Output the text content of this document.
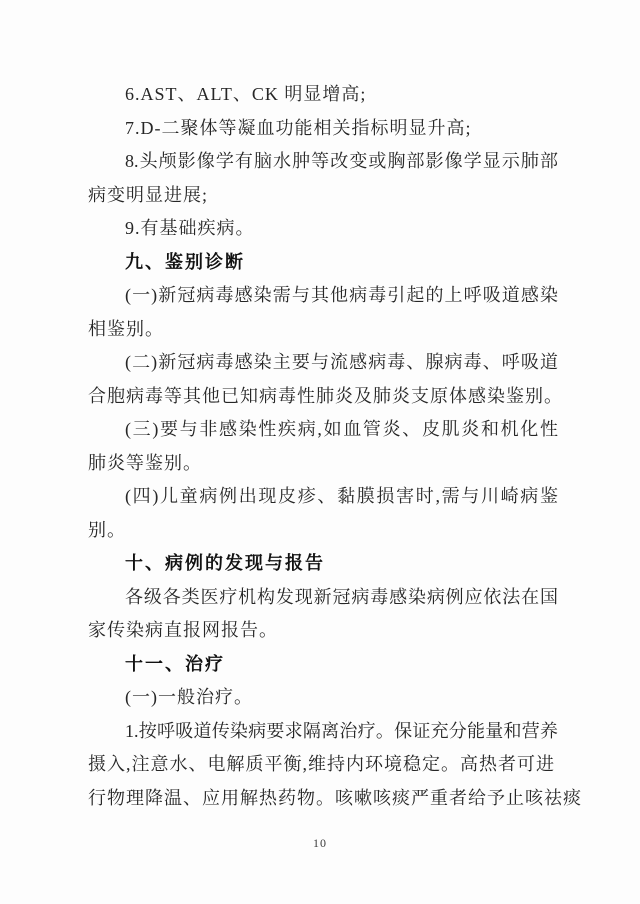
6.AST、ALT、CK 明显增高;
7.D-二聚体等凝血功能相关指标明显升高;
8.头颅影像学有脑水肿等改变或胸部影像学显示肺部
病变明显进展;
9.有基础疾病。
九、鉴别诊断
(一)新冠病毒感染需与其他病毒引起的上呼吸道感染
相鉴别。
(二)新冠病毒感染主要与流感病毒、腺病毒、呼吸道
合胞病毒等其他已知病毒性肺炎及肺炎支原体感染鉴别。
(三)要与非感染性疾病,如血管炎、皮肌炎和机化性
肺炎等鉴别。
(四)儿童病例出现皮疹、黏膜损害时,需与川崎病鉴
别。
十、病例的发现与报告
各级各类医疗机构发现新冠病毒感染病例应依法在国
家传染病直报网报告。
十一、治疗
(一)一般治疗。
1.按呼吸道传染病要求隔离治疗。保证充分能量和营养
摄入,注意水、电解质平衡,维持内环境稳定。高热者可进
行物理降温、应用解热药物。咳嗽咳痰严重者给予止咳祛痰
10
